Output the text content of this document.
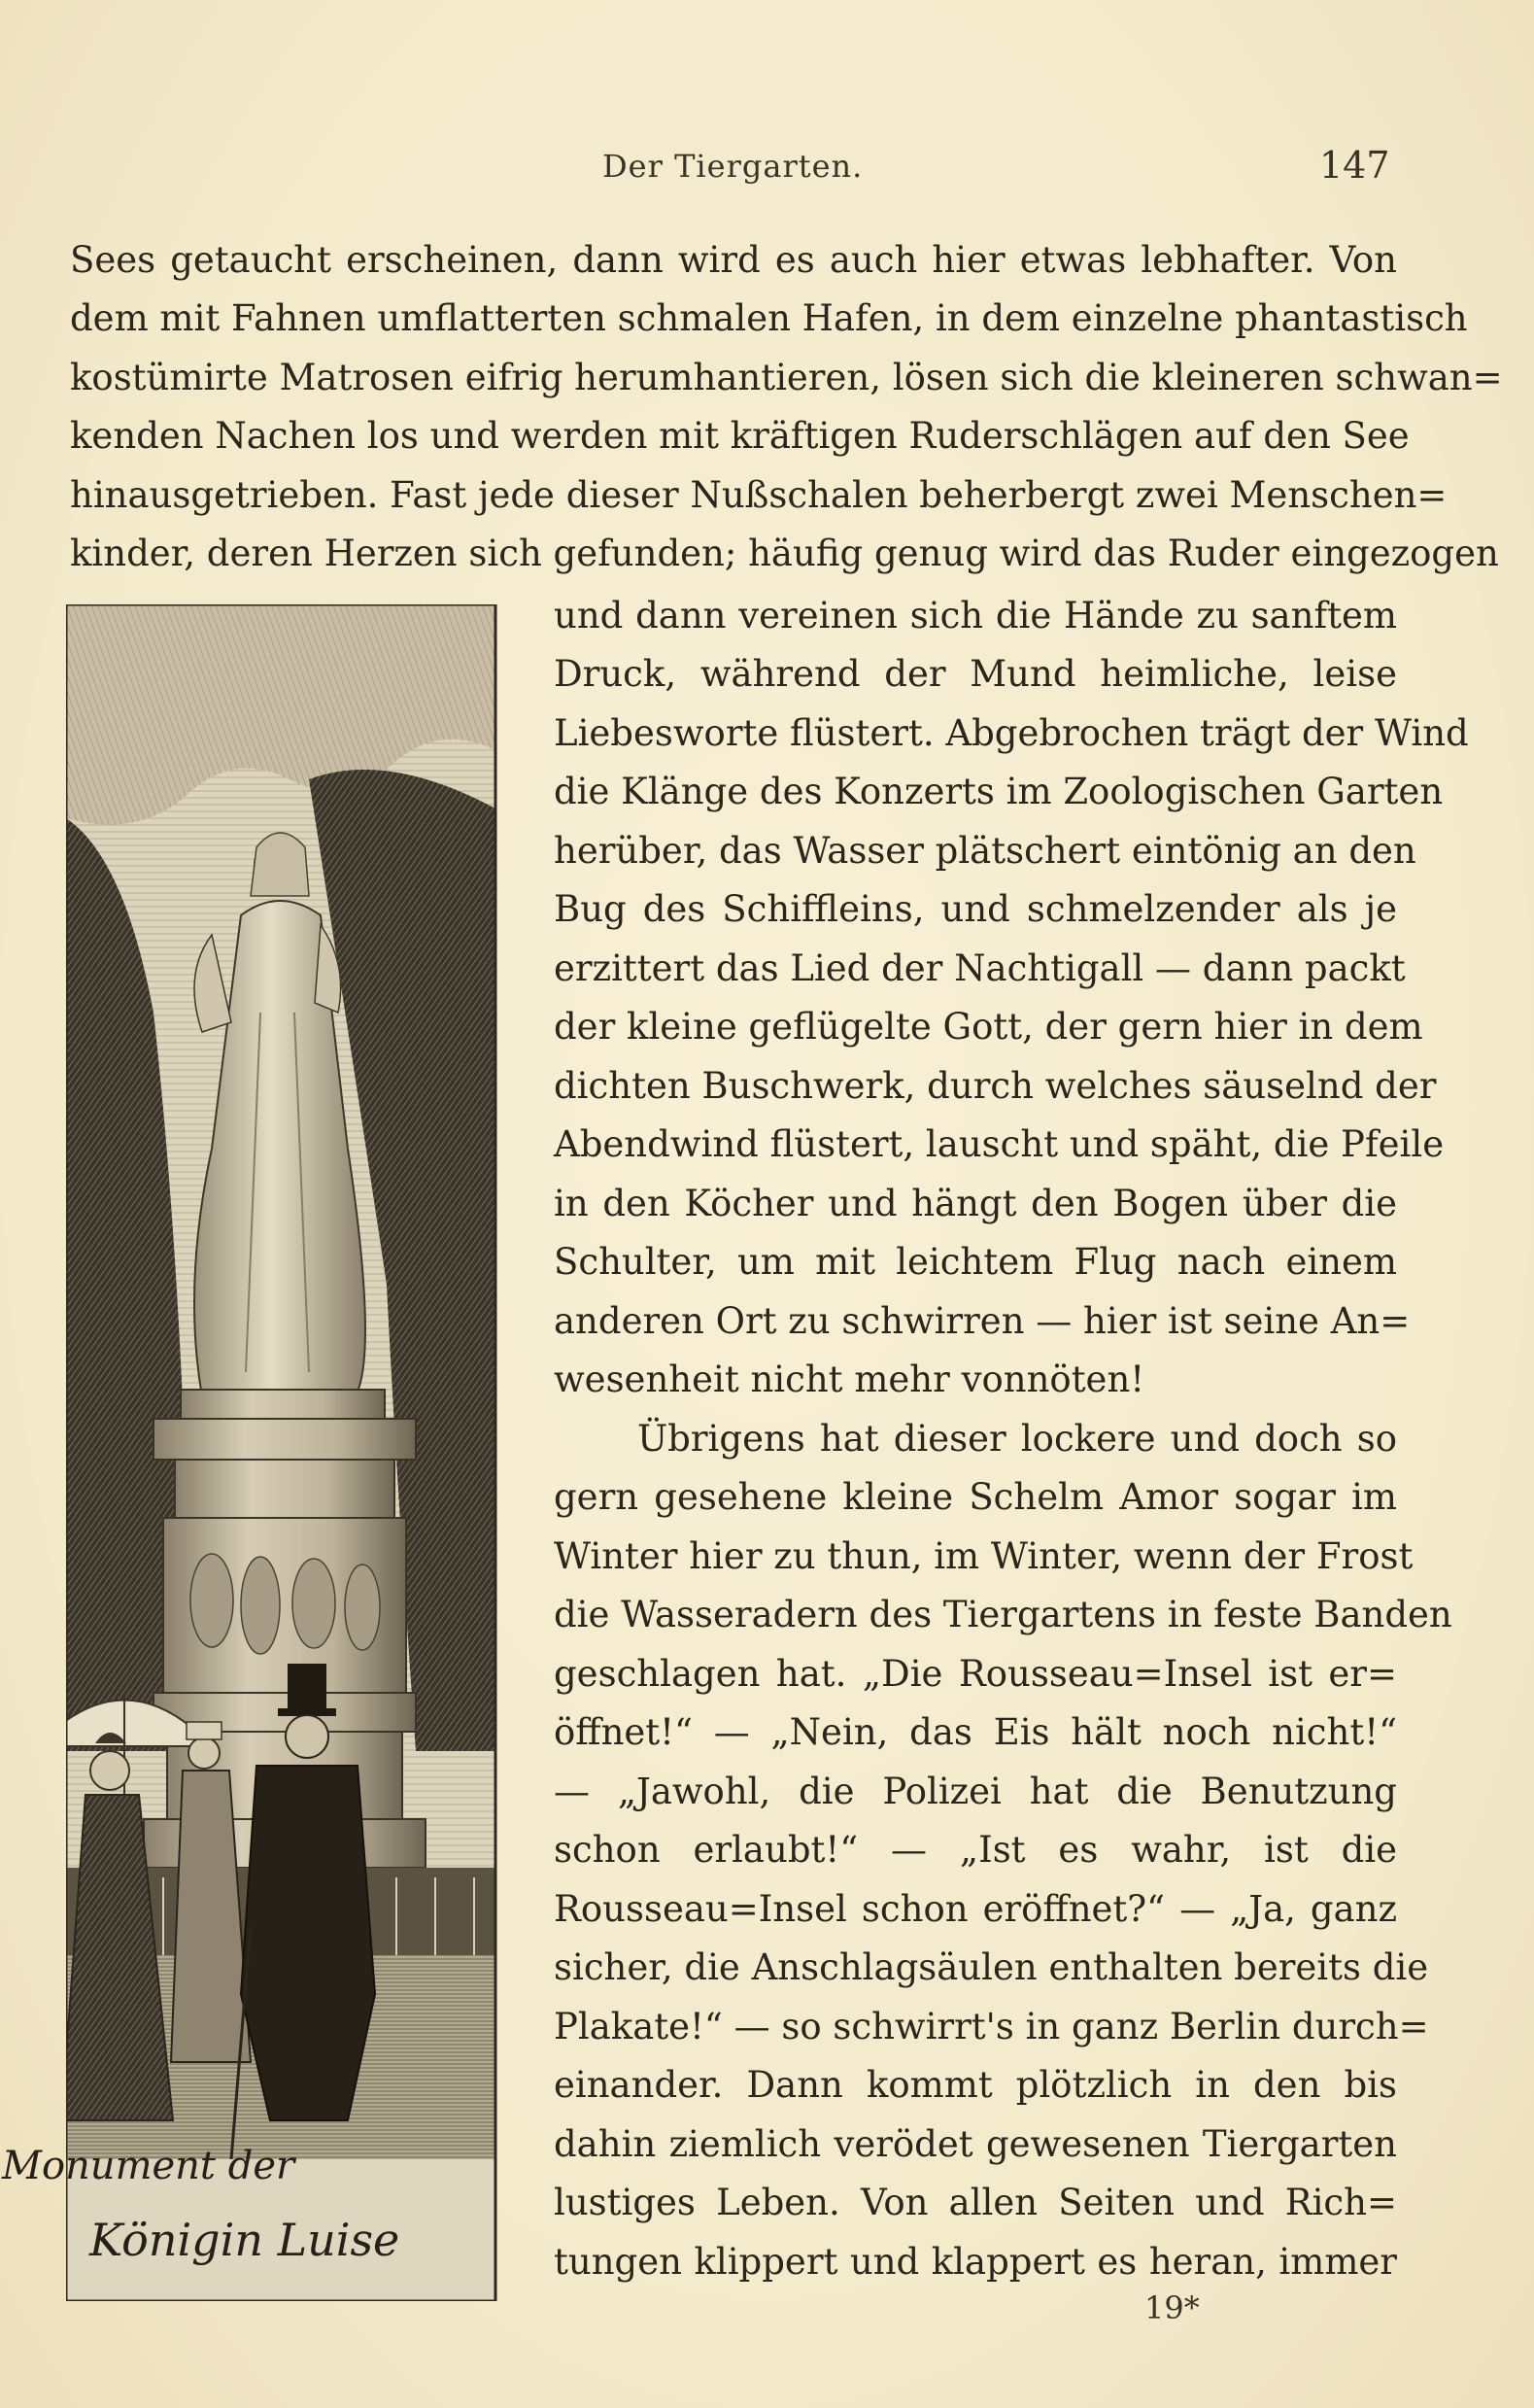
Der Tiergarten.	147
Sees getaucht erscheinen, dann wird es auch hier etwas lebhafter. Von
dem mit Fahnen umflatterten schmalen Hafen, in dem einzelne phantastisch
kostümirte Matrosen eifrig herumhantieren, lösen sich die kleineren schwan=
kenden Nachen los und werden mit kräftigen Ruderschlägen auf den See
hinausgetrieben. Fast jede dieser Nußschalen beherbergt zwei Menschen=
kinder, deren Herzen sich gefunden; häufig genug wird das Ruder eingezogen
und dann vereinen sich die Hände zu sanftem
Druck, während der Mund heimliche, leise
Liebesworte flüstert. Abgebrochen trägt der Wind
die Klänge des Konzerts im Zoologischen Garten
herüber, das Wasser plätschert eintönig an den
Bug des Schiffleins, und schmelzender als je
erzittert das Lied der Nachtigall — dann packt
der kleine geflügelte Gott, der gern hier in dem
dichten Buschwerk, durch welches säuselnd der
Abendwind flüstert, lauscht und späht, die Pfeile
in den Köcher und hängt den Bogen über die
Schulter, um mit leichtem Flug nach einem
anderen Ort zu schwirren — hier ist seine An=
wesenheit nicht mehr vonnöten!
Übrigens hat dieser lockere und doch so
gern gesehene kleine Schelm Amor sogar im
Winter hier zu thun, im Winter, wenn der Frost
die Wasseradern des Tiergartens in feste Banden
geschlagen hat. „Die Rousseau=Insel ist er=
öffnet!“ — „Nein, das Eis hält noch nicht!“
— „Jawohl, die Polizei hat die Benutzung
schon erlaubt!“ — „Ist es wahr, ist die
Rousseau=Insel schon eröffnet?“ — „Ja, ganz
sicher, die Anschlagsäulen enthalten bereits die
Plakate!“ — so schwirrt's in ganz Berlin durch=
einander. Dann kommt plötzlich in den bis
dahin ziemlich verödet gewesenen Tiergarten
lustiges Leben. Von allen Seiten und Rich=
tungen klippert und klappert es heran, immer
19*
Monument der
Königin Luise
